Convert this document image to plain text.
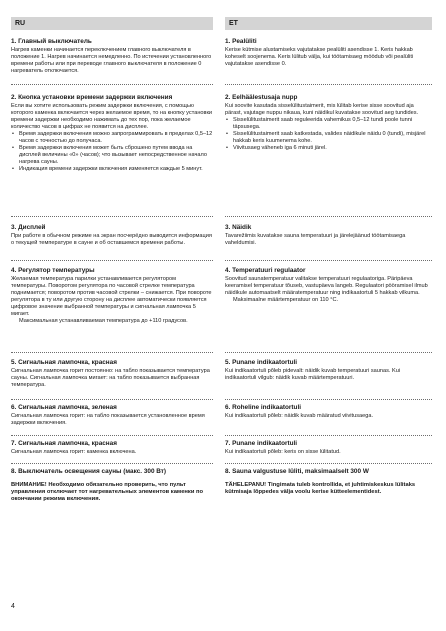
RU	ET
1. Главный выключатель

Нагрев каменки начинается переключением главного выключателя в положение 1. Нагрев начинается немедленно. По истечении установленного времени работы или при переводе главного выключателя в положение 0 нагреватель отключается.

2. Кнопка установки времени задержки включения

Если вы хотите использовать режим задержки включения, с помощью которого каменка включается через желаемое время, то на кнопку установки времени задержки необходимо нажимать до тех пор, пока желаемое количество часов в цифрах не появится на дисплее.

• Время задержки включения можно запрограммировать в пределах 0,5–12 часов с точностью до получаса.
• Время задержки включения может быть сброшено путем ввода на дисплей величины «0» (часов); что вызывает непосредственное начало нагрева сауны.
• Индикация времени задержки включения изменяется каждые 5 минут.
3. Дисплей

При работе в обычном режиме на экран посчерёдно выводится информация о текущей температуре в сауне и об оставшемся времени работы.

4. Регулятор температуры

Желаемая температура парилки устанавливается регулятором температуры. Поворотом регулятора по часовой стрелке температура поднимается; поворотом против часовой стрелки – снижается. При повороте регулятора в ту или другую сторону на дисплее автоматически появляется цифровое значение выбранной температуры и сигнальная лампочка 5 мигает.

Максимальная устанавливаемая температура до +110 градусов.

5. Сигнальная лампочка, красная

Сигнальная лампочка горит постоянно: на табло показывается температура сауны. Сигнальная лампочка мигает: на табло показывается выбранная температура.

6. Сигнальная лампочка, зеленая

Сигнальная лампочка горит: на табло показывается установленное время задержки включения.

7. Сигнальная лампочка, красная

Сигнальная лампочка горит: каменка включена.

8. Выключатель освещения сауны (макс. 300 Вт)

ВНИМАНИЕ! Необходимо обязательно проверить, что пульт управления отключает тот нагревательных элементов каменки по окончании режима включения.

1. Pealüliti

Kerise kütmise alustamiseks vajutatakse pealüliti asendisse 1. Keris hakkab koheselt soojenema. Keris lülitub välja, kui töötamisaeg möödub või pealüliti vajutatakse asendisse 0.

2. Eelhäälestusaja nupp

Kui soovite kasutada sisselülitustaimerit, mis lülitab kerise sisse soovitud aja pärast, vajutage nuppu nikaua, kuni näidikul kuvatakse soovitud aeg tundides.

• Sisselülitustaimerit saab reguleerida vahemikus 0,5–12 tundi poole tunni täpsusega.
• Sisselülitustaimerit saab katkestada, valides näidikule näidu 0 (tundi), misjärel hakkab keris kuumenema kohe.
• Viivitusaeg väheneb iga 6 minuti järel.
3. Näidik

Tavarežiimis kuvatakse sauna temperatuuri ja järelejäänud töötamisaega vaheldumisi.

4. Temperatuuri regulaator

Soovitud saunatemperatuur valitakse temperatuuri regulaatoriga. Päripäeva keeramisel temperatuur tõuseb, vastupäeva langeb. Regulaatori pööramisel ilmub näidikule automaatselt määratemperatuur ning indikaatortuli 5 hakkab vilkuma.

Maksimaalne määrtemperatuur on 110 °C.

5. Punane indikaatortuli

Kui indikaatortuli põleb pidevalt: näidik kuvab temperatuuri saunas. Kui indikaatortuli vilgub: näidik kuvab määrtemperatuuri.

6. Roheline indikaatortuli

Kui indikaatortuli põleb: näidik kuvab määratud viivitusaega.

7. Punane indikaatortuli

Kui indikaatortuli põleb: keris on sisse lülitatud.

8. Sauna valgustuse lüliti, maksimaalselt 300 W

TÄHELEPANU! Tingimata tuleb kontrollida, et juhtimiskeskus lülitaks kütmisaja lõppedes välja voolu kerise kütteelementidest.

4
